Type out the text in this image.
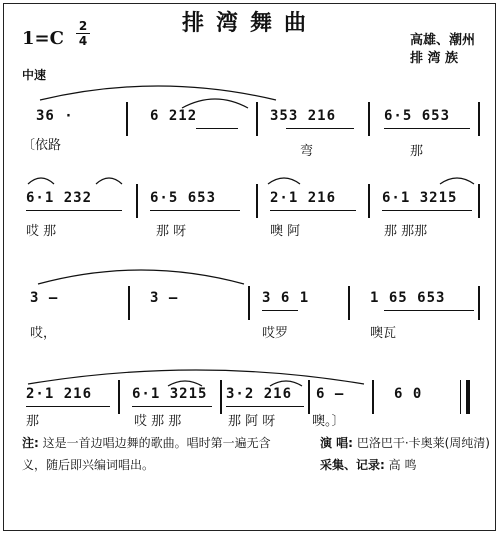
排湾舞曲
1=C
2
4	高雄、潮州
排 湾 族
中速
36 ·	6 212	353 216	6·5 653
〔依路	弯	那
6·1 232	6·5 653	2·1 216	6·1 3215
哎 那	那 呀	噢 阿	那 那那
3 –	3 –	3 6 1	1 65 653
哎，	哎罗	噢瓦
2·1 216	6·1 3215 3·2 216 6 –	6 0
那	哎 那 那	那 阿 呀	噢。〕
注: 这是一首边唱边舞的歌曲。唱时第一遍无含义，随后即兴编词唱出。
演 唱: 巴洛巴干·卡奥莱(周纯清)
采集、记录: 高 鸣
